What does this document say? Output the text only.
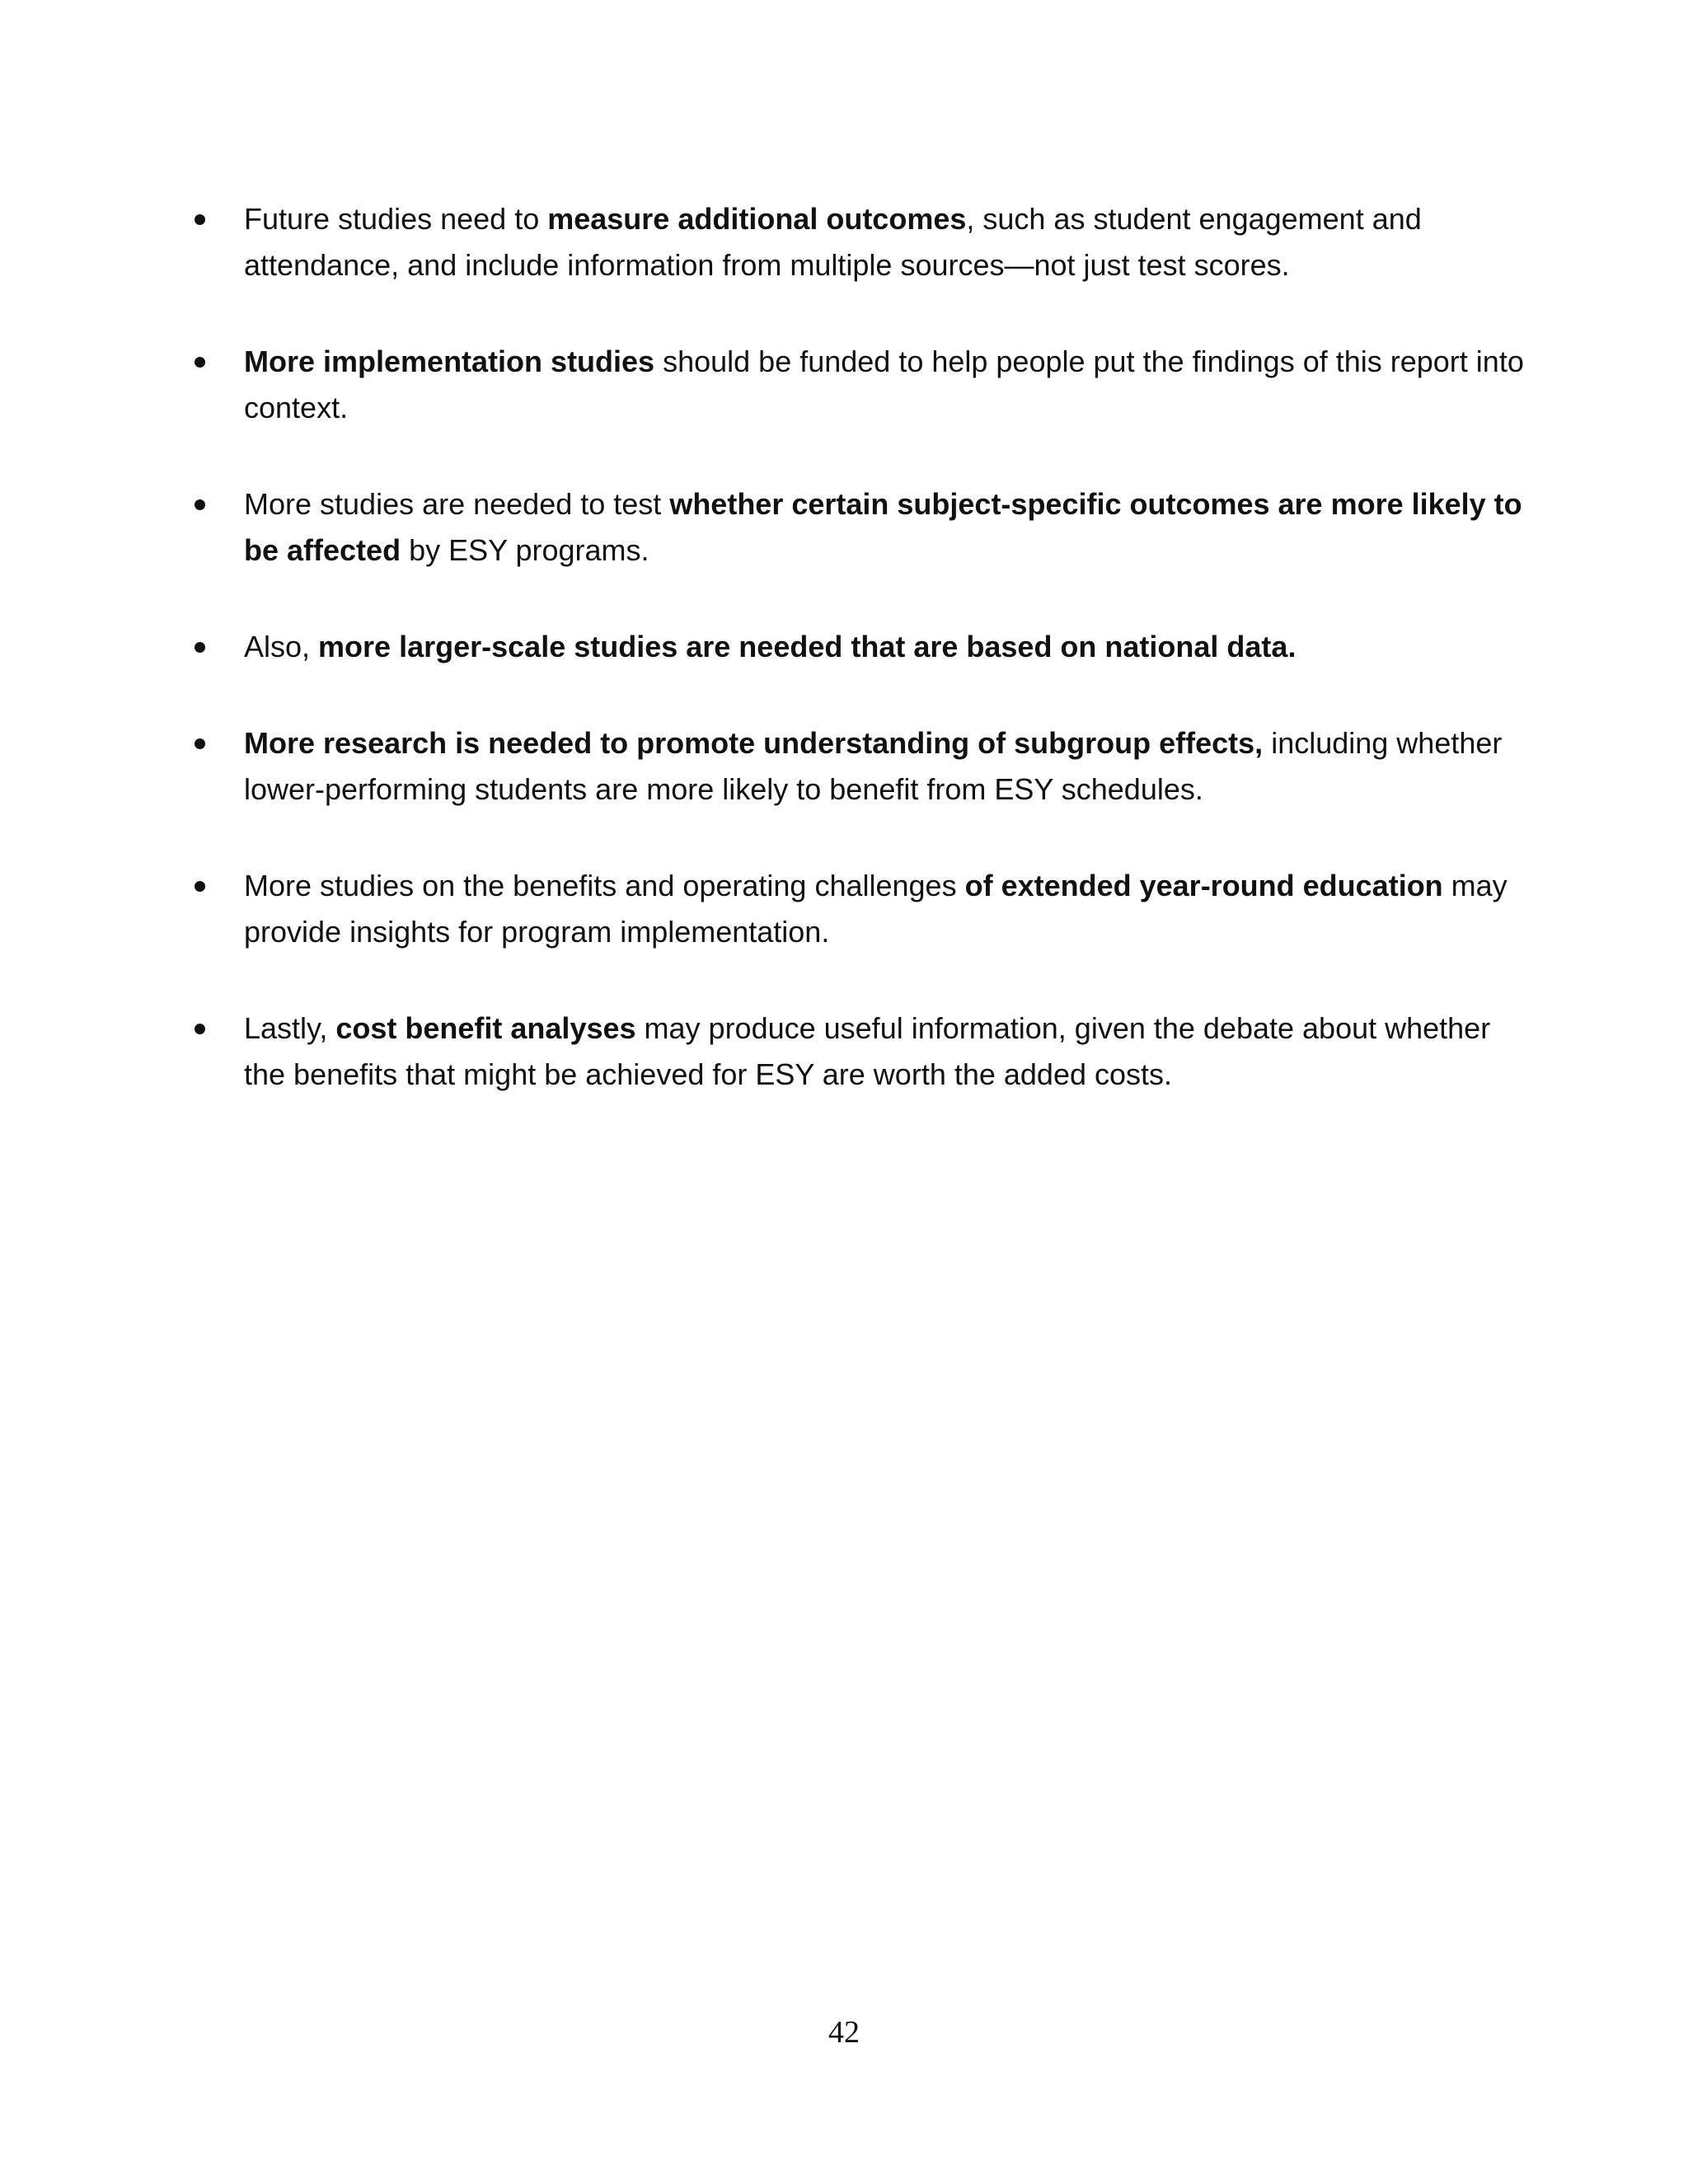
Future studies need to measure additional outcomes, such as student engagement and attendance, and include information from multiple sources—not just test scores.
More implementation studies should be funded to help people put the findings of this report into context.
More studies are needed to test whether certain subject-specific outcomes are more likely to be affected by ESY programs.
Also, more larger-scale studies are needed that are based on national data.
More research is needed to promote understanding of subgroup effects, including whether lower-performing students are more likely to benefit from ESY schedules.
More studies on the benefits and operating challenges of extended year-round education may provide insights for program implementation.
Lastly, cost benefit analyses may produce useful information, given the debate about whether the benefits that might be achieved for ESY are worth the added costs.
42
